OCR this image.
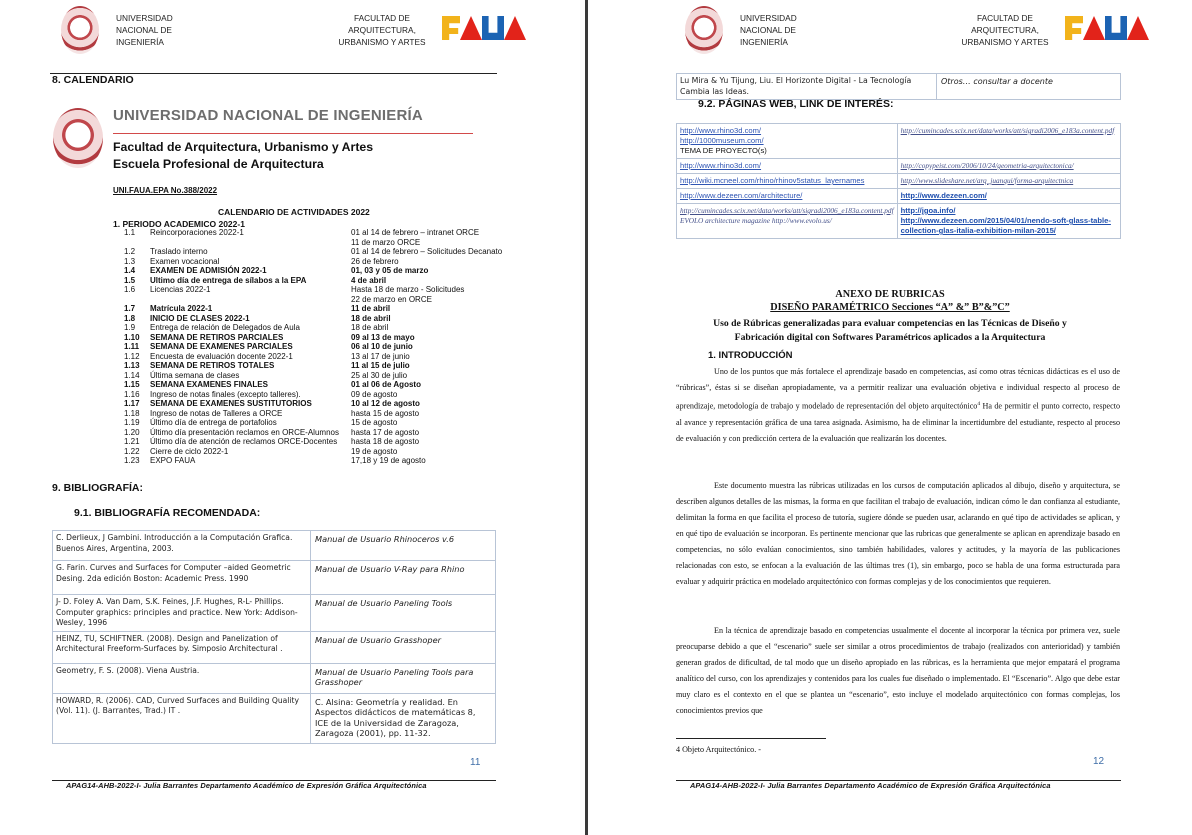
UNIVERSIDAD
NACIONAL DE
INGENIERÍA
FACULTAD DE
ARQUITECTURA,
URBANISMO Y ARTES
8. CALENDARIO
UNIVERSIDAD NACIONAL DE INGENIERÍA
Facultad de Arquitectura, Urbanismo y Artes
Escuela Profesional de Arquitectura
UNI.FAUA.EPA No.388/2022
CALENDARIO DE ACTIVIDADES 2022
1. PERIODO ACADEMICO 2022-1
1.1 Reincorporaciones 2022-1	01 al 14 de febrero – intranet ORCE
11 de marzo ORCE
1.2 Traslado interno	01 al 14 de febrero – Solicitudes Decanato
1.3 Examen vocacional	26 de febrero
1.4 EXAMEN DE ADMISIÓN 2022-1	01, 03 y 05 de marzo
1.5 Ultimo día de entrega de sílabos a la EPA	4 de abril
1.6 Licencias 2022-1	Hasta 18 de marzo - Solicitudes
22 de marzo en ORCE
1.7 Matrícula 2022-1	11 de abril
1.8 INICIO DE CLASES 2022-1	18 de abril
1.9 Entrega de relación de Delegados de Aula	18 de abril
1.10 SEMANA DE RETIROS PARCIALES	09 al 13 de mayo
1.11 SEMANA DE EXAMENES PARCIALES	06 al 10 de junio
1.12 Encuesta de evaluación docente 2022-1	13 al 17 de junio
1.13 SEMANA DE RETIROS TOTALES	11 al 15 de julio
1.14 Última semana de clases	25 al 30 de julio
1.15 SEMANA EXAMENES FINALES	01 al 06 de Agosto
1.16 Ingreso de notas finales (excepto talleres).	09 de agosto
1.17 SEMANA DE EXAMENES SUSTITUTORIOS	10 al 12 de agosto
1.18 Ingreso de notas de Talleres a ORCE	hasta 15 de agosto
1.19 Último día de entrega de portafolios	15 de agosto
1.20 Último día presentación reclamos en ORCE-Alumnos hasta 17 de agosto
1.21 Último día de atención de reclamos ORCE-Docentes hasta 18 de agosto
1.22 Cierre de ciclo 2022-1	19 de agosto
1.23 EXPO FAUA	17,18 y 19 de agosto
9. BIBLIOGRAFÍA:
9.1. BIBLIOGRAFÍA RECOMENDADA:
C. Derlieux, J Gambini. Introducción a la Computación Grafica. Buenos Aires, Argentina, 2003.	Manual de Usuario Rhinoceros v.6
G. Farin. Curves and Surfaces for Computer –aided Geometric Desing. 2da edición Boston: Academic Press. 1990	Manual de Usuario V-Ray para Rhino
J- D. Foley A. Van Dam, S.K. Feines, J.F. Hughes, R-L- Phillips. Computer graphics: principles and practice. New York: Addison-Wesley, 1996	Manual de Usuario Paneling Tools
HEINZ, TU, SCHIFTNER. (2008). Design and Panelization of Architectural Freeform-Surfaces by. Simposio Architectural .	Manual de Usuario Grasshoper
Geometry, F. S. (2008). Viena Austria.	Manual de Usuario Paneling Tools para Grasshoper
HOWARD, R. (2006). CAD, Curved Surfaces and Building Quality (Vol. 11). (J. Barrantes, Trad.) IT .	C. Alsina: Geometría y realidad. En Aspectos didácticos de matemáticas 8, ICE de la Universidad de Zaragoza, Zaragoza (2001), pp. 11-32.
11
APAG14-AHB-2022-I- Julia Barrantes Departamento Académico de Expresión Gráfica Arquitectónica
UNIVERSIDAD
NACIONAL DE
INGENIERÍA
FACULTAD DE
ARQUITECTURA,
URBANISMO Y ARTES
Lu Mira & Yu Tijung, Liu. El Horizonte Digital - La Tecnología Cambia las Ideas.	Otros… consultar a docente
9.2. PÁGINAS WEB, LINK DE INTERÉS:
http://www.rhino3d.com/
http://1000museum.com/
TEMA DE PROYECTO(s)	http://cumincades.scix.net/data/works/att/sigradi2006_e183a.content.pdf

http://www.rhino3d.com/	http://copypeist.com/2006/10/24/geometria-arquitectonica/

http://wiki.mcneel.com/rhino/rhinov5status_layernames	http://www.slideshare.net/arq_juanqui/forma-arquitectnica

http://www.dezeen.com/architecture/	http://www.dezeen.com/

http://cumincades.scix.net/data/works/att/sigradi2006_e183a.content.pdf
EVOLO architecture magazine http://www.evolo.us/	http://jgoa.info/
http://www.dezeen.com/2015/04/01/nendo-soft-glass-table-collection-glas-italia-exhibition-milan-2015/
ANEXO DE RUBRICAS
DISEÑO PARAMÉTRICO Secciones “A” &” B”&”C”
Uso de Rúbricas generalizadas para evaluar competencias en las Técnicas de Diseño y
Fabricación digital con Softwares Paramétricos aplicados a la Arquitectura
1. INTRODUCCIÓN
Uno de los puntos que más fortalece el aprendizaje basado en competencias, así como otras técnicas didácticas es el uso de “rúbricas”, éstas si se diseñan apropiadamente, va a permitir realizar una evaluación objetiva e individual respecto al proceso de aprendizaje, metodología de trabajo y modelado de representación del objeto arquitectónico$^4$ Ha de permitir el punto correcto, respecto al avance y representación gráfica de una tarea asignada. Asimismo, ha de eliminar la incertidumbre del estudiante, respecto al proceso de evaluación y con predicción certera de la evaluación que realizarán los docentes.
Este documento muestra las rúbricas utilizadas en los cursos de computación aplicados al dibujo, diseño y arquitectura, se describen algunos detalles de las mismas, la forma en que facilitan el trabajo de evaluación, indican cómo le dan confianza al estudiante, delimitan la forma en que facilita el proceso de tutoría, sugiere dónde se pueden usar, aclarando en qué tipo de actividades se aplican, y en qué tipo de evaluación se incorporan. Es pertinente mencionar que las rubricas que generalmente se aplican en aprendizaje basado en competencias, no sólo evalúan conocimientos, sino también habilidades, valores y actitudes, y la mayoría de las publicaciones relacionadas con esto, se enfocan a la evaluación de las últimas tres (1), sin embargo, poco se habla de una forma estructurada para evaluar y adquirir práctica en modelado arquitectónico con formas complejas y de los conocimientos que requieren.
En la técnica de aprendizaje basado en competencias usualmente el docente al incorporar la técnica por primera vez, suele preocuparse debido a que el “escenario” suele ser similar a otros procedimientos de trabajo (realizados con anterioridad) y también generan grados de dificultad, de tal modo que un diseño apropiado en las rúbricas, es la herramienta que mejor empatará el programa analítico del curso, con los aprendizajes y contenidos para los cuales fue diseñado o implementado. El “Escenario”. Algo que debe estar muy claro es el contexto en el que se plantea un “escenario”, esto incluye el modelado arquitectónico con formas complejas, los conocimientos previos que
4 Objeto Arquitectónico. -
12
APAG14-AHB-2022-I- Julia Barrantes Departamento Académico de Expresión Gráfica Arquitectónica
